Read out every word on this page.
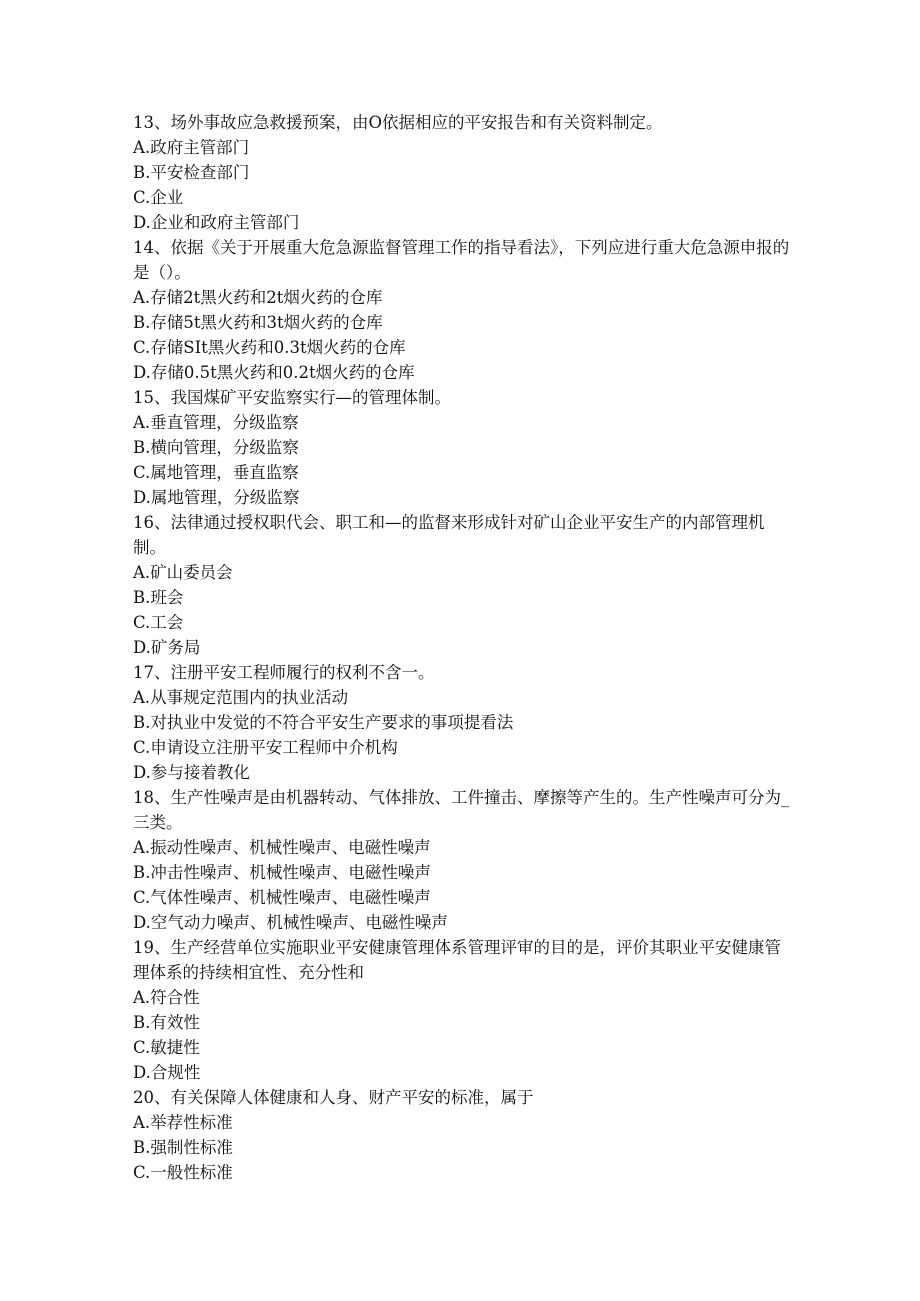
13、场外事故应急救援预案，由O依据相应的平安报告和有关资料制定。
A.政府主管部门
B.平安检查部门
C.企业
D.企业和政府主管部门
14、依据《关于开展重大危急源监督管理工作的指导看法》，下列应进行重大危急源申报的是（）。
A.存储2t黑火药和2t烟火药的仓库
B.存储5t黑火药和3t烟火药的仓库
C.存储SIt黑火药和0.3t烟火药的仓库
D.存储0.5t黑火药和0.2t烟火药的仓库
15、我国煤矿平安监察实行—的管理体制。
A.垂直管理，分级监察
B.横向管理，分级监察
C.属地管理，垂直监察
D.属地管理，分级监察
16、法律通过授权职代会、职工和—的监督来形成针对矿山企业平安生产的内部管理机制。
A.矿山委员会
B.班会
C.工会
D.矿务局
17、注册平安工程师履行的权利不含一。
A.从事规定范围内的执业活动
B.对执业中发觉的不符合平安生产要求的事项提看法
C.申请设立注册平安工程师中介机构
D.参与接着教化
18、生产性噪声是由机器转动、气体排放、工件撞击、摩擦等产生的。生产性噪声可分为_三类。
A.振动性噪声、机械性噪声、电磁性噪声
B.冲击性噪声、机械性噪声、电磁性噪声
C.气体性噪声、机械性噪声、电磁性噪声
D.空气动力噪声、机械性噪声、电磁性噪声
19、生产经营单位实施职业平安健康管理体系管理评审的目的是，评价其职业平安健康管理体系的持续相宜性、充分性和
A.符合性
B.有效性
C.敏捷性
D.合规性
20、有关保障人体健康和人身、财产平安的标准，属于
A.举荐性标准
B.强制性标准
C.一般性标准
